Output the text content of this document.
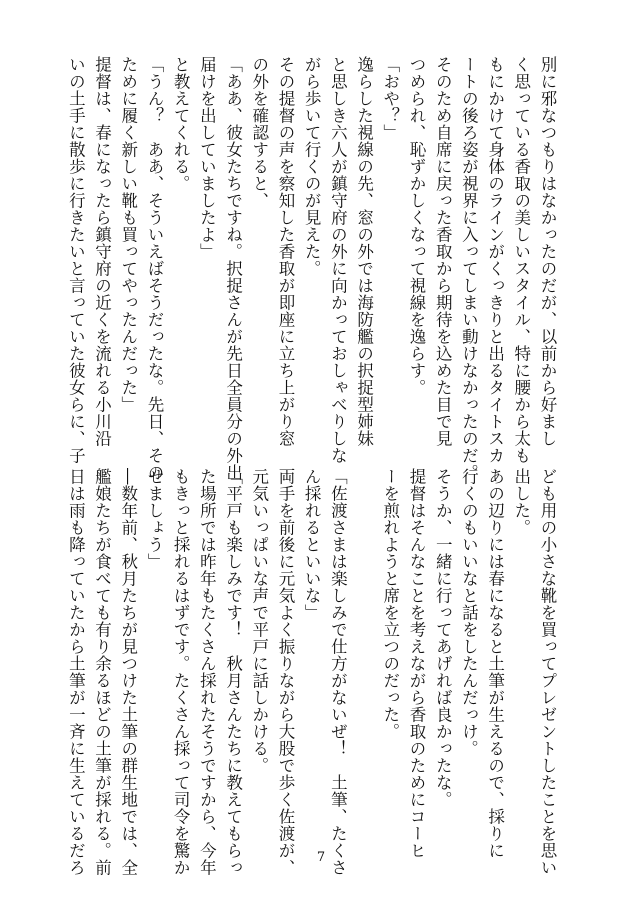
別に邪なつもりはなかったのだが、以前から好まし
く思っている香取の美しいスタイル、特に腰から太も
もにかけて身体のラインがくっきりと出るタイトスカ
ートの後ろ姿が視界に入ってしまい動けなかったのだ。
そのため自席に戻った香取から期待を込めた目で見
つめられ、恥ずかしくなって視線を逸らす。
「おや？」
逸らした視線の先、窓の外では海防艦の択捉型姉妹
と思しき六人が鎮守府の外に向かっておしゃべりしな
がら歩いて行くのが見えた。
その提督の声を察知した香取が即座に立ち上がり窓
の外を確認すると、
「ああ、彼女たちですね。択捉さんが先日全員分の外出
届けを出していましたよ」
と教えてくれる。
「うん？　ああ、そういえばそうだったな。先日、その
ために履く新しい靴も買ってやったんだった」
提督は、春になったら鎮守府の近くを流れる小川沿
いの土手に散歩に行きたいと言っていた彼女らに、子
ども用の小さな靴を買ってプレゼントしたことを思い
出した。
あの辺りには春になると土筆が生えるので、採りに
行くのもいいなと話をしたんだっけ。
そうか、一緒に行ってあげれば良かったな。
提督はそんなことを考えながら香取のためにコーヒ
ーを煎れようと席を立つのだった。
「佐渡さまは楽しみで仕方がないぜ！　土筆、たくさ
ん採れるといいな」
両手を前後に元気よく振りながら大股で歩く佐渡が、
元気いっぱいな声で平戸に話しかける。
「平戸も楽しみです！　秋月さんたちに教えてもらっ
た場所では昨年もたくさん採れたそうですから、今年
もきっと採れるはずです。たくさん採って司令を驚か
せましょう」
―数年前、秋月たちが見つけた土筆の群生地では、全
艦娘たちが食べても有り余るほどの土筆が採れる。前
日は雨も降っていたから土筆が一斉に生えているだろ	7
